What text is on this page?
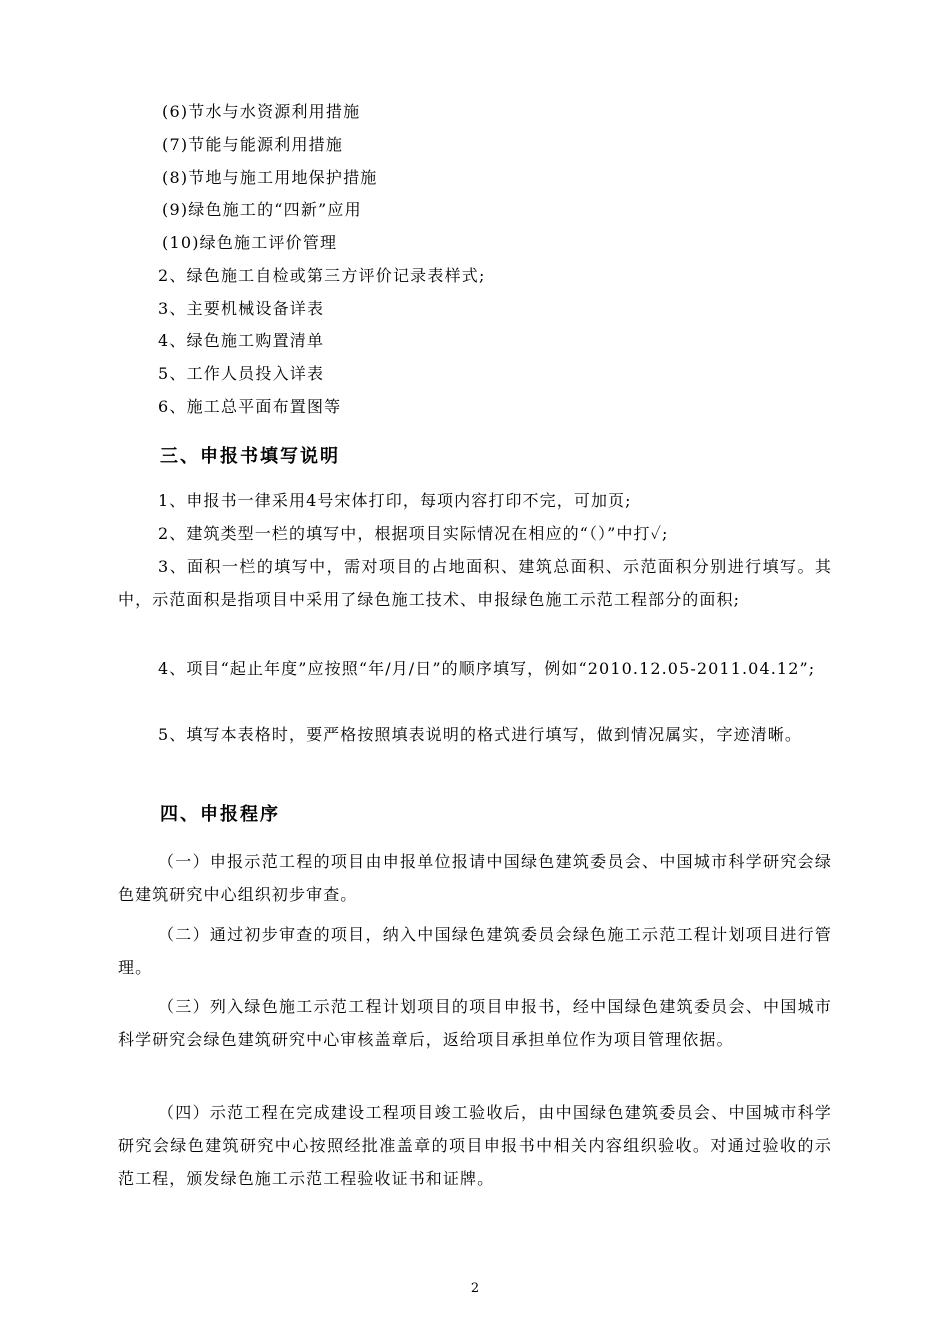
(6)节水与水资源利用措施
(7)节能与能源利用措施
(8)节地与施工用地保护措施
(9)绿色施工的“四新”应用
(10)绿色施工评价管理
2、绿色施工自检或第三方评价记录表样式;
3、主要机械设备详表
4、绿色施工购置清单
5、工作人员投入详表
6、施工总平面布置图等
三、申报书填写说明

1、申报书一律采用4号宋体打印，每项内容打印不完，可加页;

2、建筑类型一栏的填写中，根据项目实际情况在相应的“（）”中打✓;

3、面积一栏的填写中，需对项目的占地面积、建筑总面积、示范面积分别进行填写。其中，示范面积是指项目中采用了绿色施工技术、申报绿色施工示范工程部分的面积;

4、项目“起止年度”应按照“年/月/日”的顺序填写，例如“2010.12.05-2011.04.12”;

5、填写本表格时，要严格按照填表说明的格式进行填写，做到情况属实，字迹清晰。

四、申报程序

（一）申报示范工程的项目由申报单位报请中国绿色建筑委员会、中国城市科学研究会绿色建筑研究中心组织初步审查。

（二）通过初步审查的项目，纳入中国绿色建筑委员会绿色施工示范工程计划项目进行管理。

（三）列入绿色施工示范工程计划项目的项目申报书，经中国绿色建筑委员会、中国城市科学研究会绿色建筑研究中心审核盖章后，返给项目承担单位作为项目管理依据。

（四）示范工程在完成建设工程项目竣工验收后，由中国绿色建筑委员会、中国城市科学研究会绿色建筑研究中心按照经批准盖章的项目申报书中相关内容组织验收。对通过验收的示范工程，颁发绿色施工示范工程验收证书和证牌。

2
